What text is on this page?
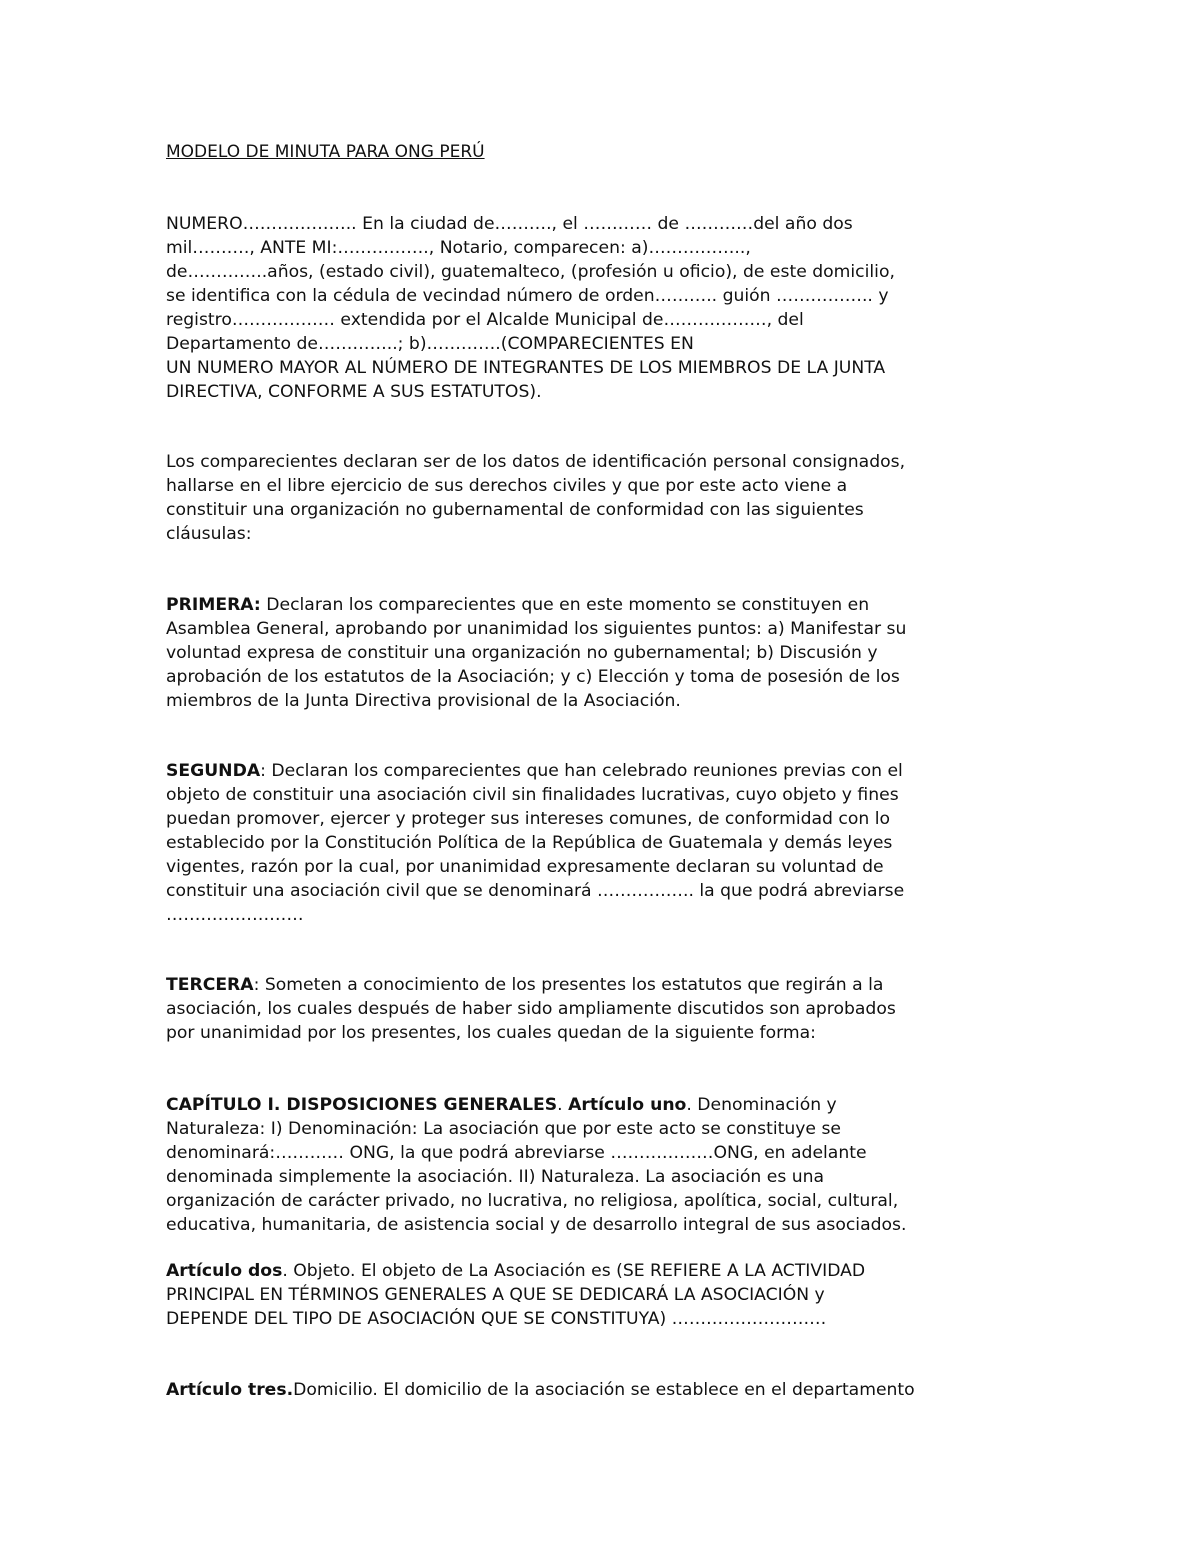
MODELO DE MINUTA PARA ONG PERÚ
NUMERO……………….. En la ciudad de………., el ………… de …………del año dos
mil………., ANTE MI:……………., Notario, comparecen: a)……………..,
de…………..años, (estado civil), guatemalteco, (profesión u oficio), de este domicilio,
se identifica con la cédula de vecindad número de orden……….. guión …………….. y
registro……………… extendida por el Alcalde Municipal de………………, del
Departamento de…………..; b)………….(COMPARECIENTES EN
UN NUMERO MAYOR AL NÚMERO DE INTEGRANTES DE LOS MIEMBROS DE LA JUNTA
DIRECTIVA, CONFORME A SUS ESTATUTOS).
Los comparecientes declaran ser de los datos de identificación personal consignados,
hallarse en el libre ejercicio de sus derechos civiles y que por este acto viene a
constituir una organización no gubernamental de conformidad con las siguientes
cláusulas:
PRIMERA: Declaran los comparecientes que en este momento se constituyen en
Asamblea General, aprobando por unanimidad los siguientes puntos: a) Manifestar su
voluntad expresa de constituir una organización no gubernamental; b) Discusión y
aprobación de los estatutos de la Asociación; y c) Elección y toma de posesión de los
miembros de la Junta Directiva provisional de la Asociación.
SEGUNDA: Declaran los comparecientes que han celebrado reuniones previas con el
objeto de constituir una asociación civil sin finalidades lucrativas, cuyo objeto y fines
puedan promover, ejercer y proteger sus intereses comunes, de conformidad con lo
establecido por la Constitución Política de la República de Guatemala y demás leyes
vigentes, razón por la cual, por unanimidad expresamente declaran su voluntad de
constituir una asociación civil que se denominará …………….. la que podrá abreviarse
……………………
TERCERA: Someten a conocimiento de los presentes los estatutos que regirán a la
asociación, los cuales después de haber sido ampliamente discutidos son aprobados
por unanimidad por los presentes, los cuales quedan de la siguiente forma:
CAPÍTULO I. DISPOSICIONES GENERALES. Artículo uno. Denominación y
Naturaleza: I) Denominación: La asociación que por este acto se constituye se
denominará:………… ONG, la que podrá abreviarse ………………ONG, en adelante
denominada simplemente la asociación. II) Naturaleza. La asociación es una
organización de carácter privado, no lucrativa, no religiosa, apolítica, social, cultural,
educativa, humanitaria, de asistencia social y de desarrollo integral de sus asociados.
Artículo dos. Objeto. El objeto de La Asociación es (SE REFIERE A LA ACTIVIDAD
PRINCIPAL EN TÉRMINOS GENERALES A QUE SE DEDICARÁ LA ASOCIACIÓN y
DEPENDE DEL TIPO DE ASOCIACIÓN QUE SE CONSTITUYA) ………………………
Artículo tres.Domicilio. El domicilio de la asociación se establece en el departamento
